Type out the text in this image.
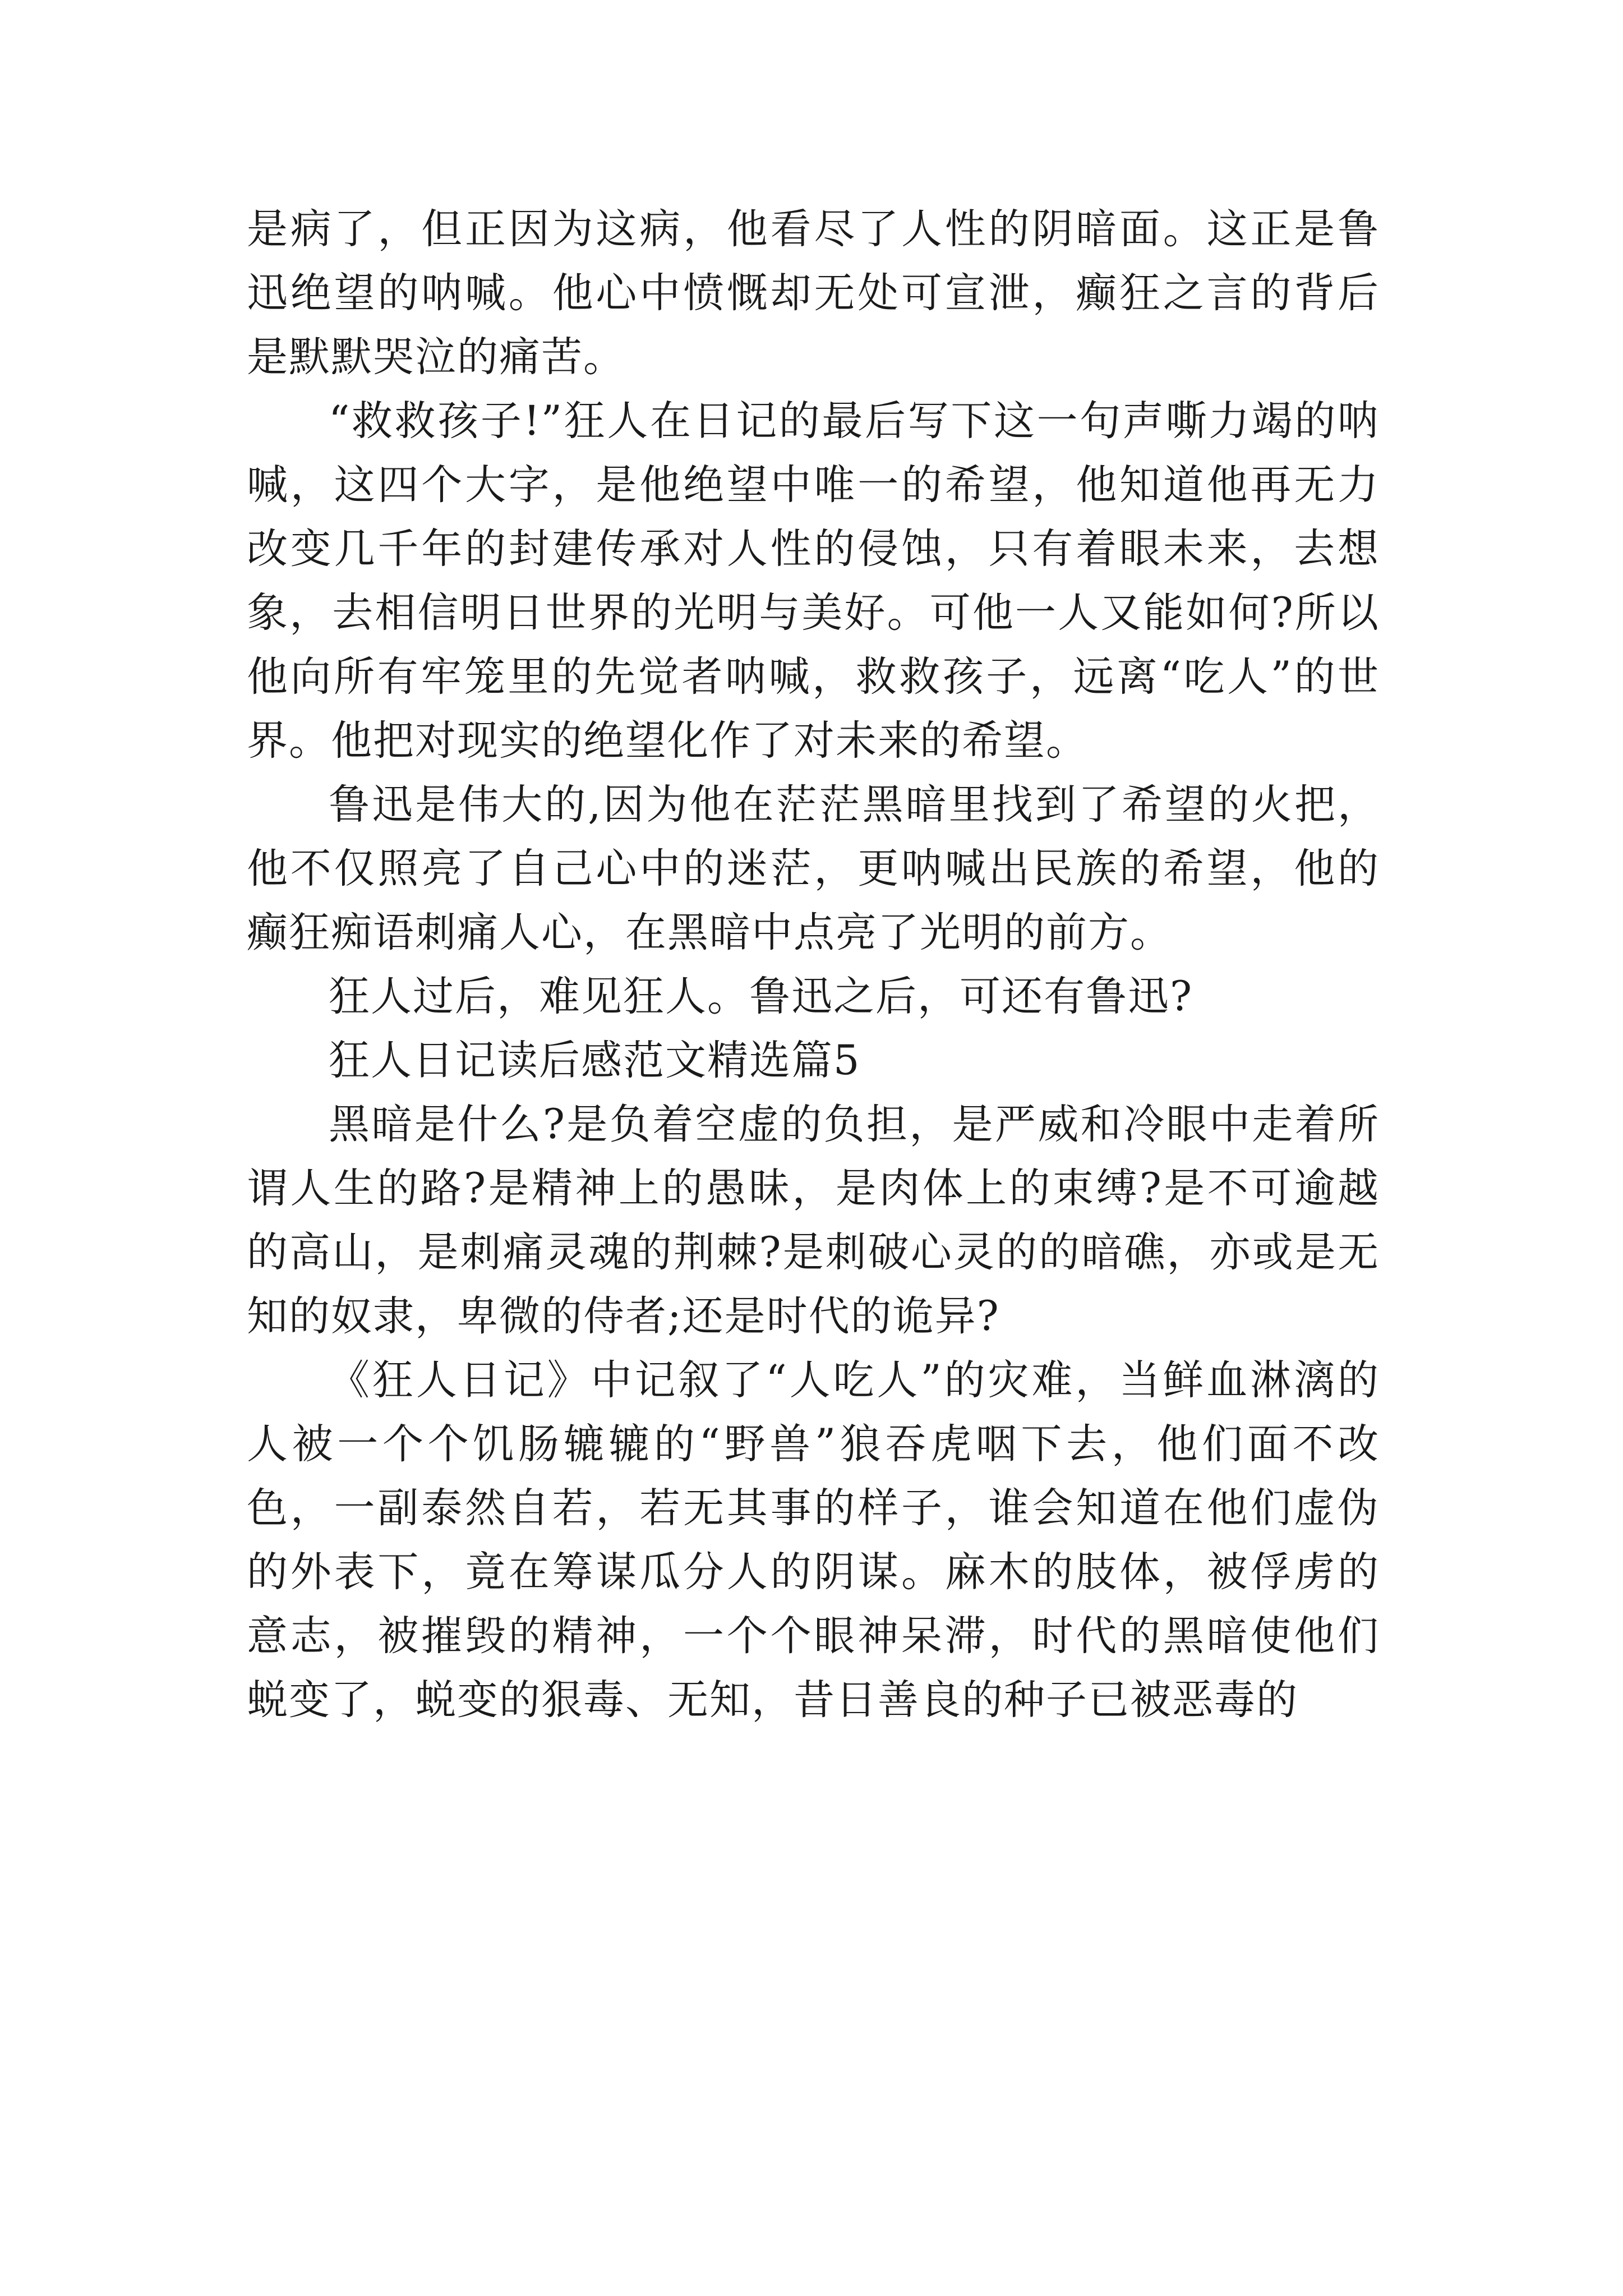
是病了，但正因为这病，他看尽了人性的阴暗面。这正是鲁迅绝望的呐喊。他心中愤慨却无处可宣泄，癫狂之言的背后是默默哭泣的痛苦。

“救救孩子!”狂人在日记的最后写下这一句声嘶力竭的呐喊，这四个大字，是他绝望中唯一的希望，他知道他再无力改变几千年的封建传承对人性的侵蚀，只有着眼未来，去想象，去相信明日世界的光明与美好。可他一人又能如何?所以他向所有牢笼里的先觉者呐喊，救救孩子，远离“吃人”的世界。他把对现实的绝望化作了对未来的希望。

鲁迅是伟大的,因为他在茫茫黑暗里找到了希望的火把，他不仅照亮了自己心中的迷茫，更呐喊出民族的希望，他的癫狂痴语刺痛人心，在黑暗中点亮了光明的前方。

狂人过后，难见狂人。鲁迅之后，可还有鲁迅?

狂人日记读后感范文精选篇5

黑暗是什么?是负着空虚的负担，是严威和冷眼中走着所谓人生的路?是精神上的愚昧，是肉体上的束缚?是不可逾越的高山，是刺痛灵魂的荆棘?是刺破心灵的的暗礁，亦或是无知的奴隶，卑微的侍者;还是时代的诡异?

《狂人日记》中记叙了“人吃人”的灾难，当鲜血淋漓的人被一个个饥肠辘辘的“野兽”狼吞虎咽下去，他们面不改色，一副泰然自若，若无其事的样子，谁会知道在他们虚伪的外表下，竟在筹谋瓜分人的阴谋。麻木的肢体，被俘虏的意志，被摧毁的精神，一个个眼神呆滞，时代的黑暗使他们蜕变了，蜕变的狠毒、无知，昔日善良的种子已被恶毒的
